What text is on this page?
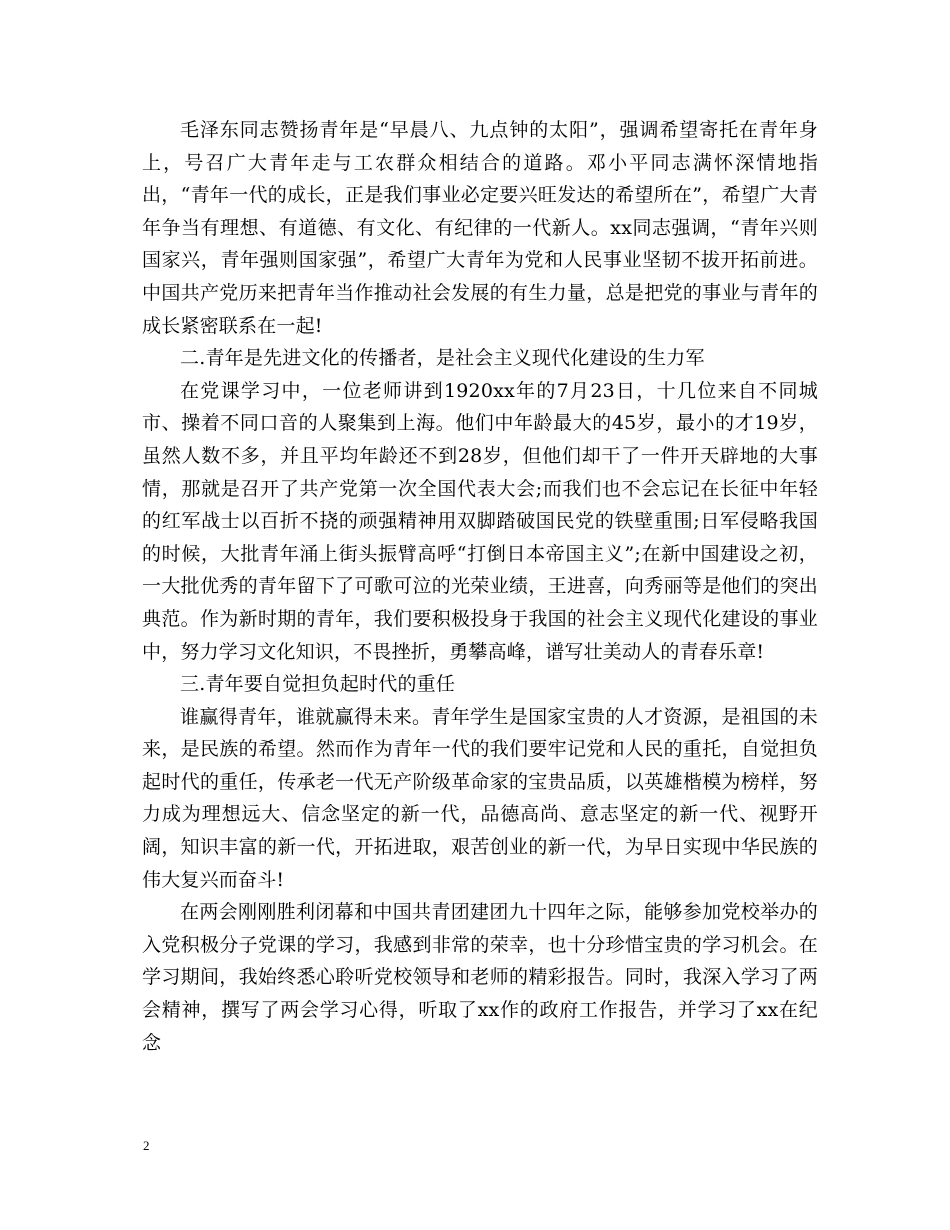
毛泽东同志赞扬青年是“早晨八、九点钟的太阳”，强调希望寄托在青年身上，号召广大青年走与工农群众相结合的道路。邓小平同志满怀深情地指出，“青年一代的成长，正是我们事业必定要兴旺发达的希望所在”，希望广大青年争当有理想、有道德、有文化、有纪律的一代新人。xx同志强调，“青年兴则国家兴，青年强则国家强”，希望广大青年为党和人民事业坚韧不拔开拓前进。中国共产党历来把青年当作推动社会发展的有生力量，总是把党的事业与青年的成长紧密联系在一起!

二.青年是先进文化的传播者，是社会主义现代化建设的生力军

在党课学习中，一位老师讲到1920xx年的7月23日，十几位来自不同城市、操着不同口音的人聚集到上海。他们中年龄最大的45岁，最小的才19岁，虽然人数不多，并且平均年龄还不到28岁，但他们却干了一件开天辟地的大事情，那就是召开了共产党第一次全国代表大会;而我们也不会忘记在长征中年轻的红军战士以百折不挠的顽强精神用双脚踏破国民党的铁壁重围;日军侵略我国的时候，大批青年涌上街头振臂高呼“打倒日本帝国主义”;在新中国建设之初，一大批优秀的青年留下了可歌可泣的光荣业绩，王进喜，向秀丽等是他们的突出典范。作为新时期的青年，我们要积极投身于我国的社会主义现代化建设的事业中，努力学习文化知识，不畏挫折，勇攀高峰，谱写壮美动人的青春乐章!

三.青年要自觉担负起时代的重任

谁赢得青年，谁就赢得未来。青年学生是国家宝贵的人才资源，是祖国的未来，是民族的希望。然而作为青年一代的我们要牢记党和人民的重托，自觉担负起时代的重任，传承老一代无产阶级革命家的宝贵品质，以英雄楷模为榜样，努力成为理想远大、信念坚定的新一代，品德高尚、意志坚定的新一代、视野开阔，知识丰富的新一代，开拓进取，艰苦创业的新一代，为早日实现中华民族的伟大复兴而奋斗!

在两会刚刚胜利闭幕和中国共青团建团九十四年之际，能够参加党校举办的入党积极分子党课的学习，我感到非常的荣幸，也十分珍惜宝贵的学习机会。在学习期间，我始终悉心聆听党校领导和老师的精彩报告。同时，我深入学习了两会精神，撰写了两会学习心得，听取了xx作的政府工作报告，并学习了xx在纪念

2
